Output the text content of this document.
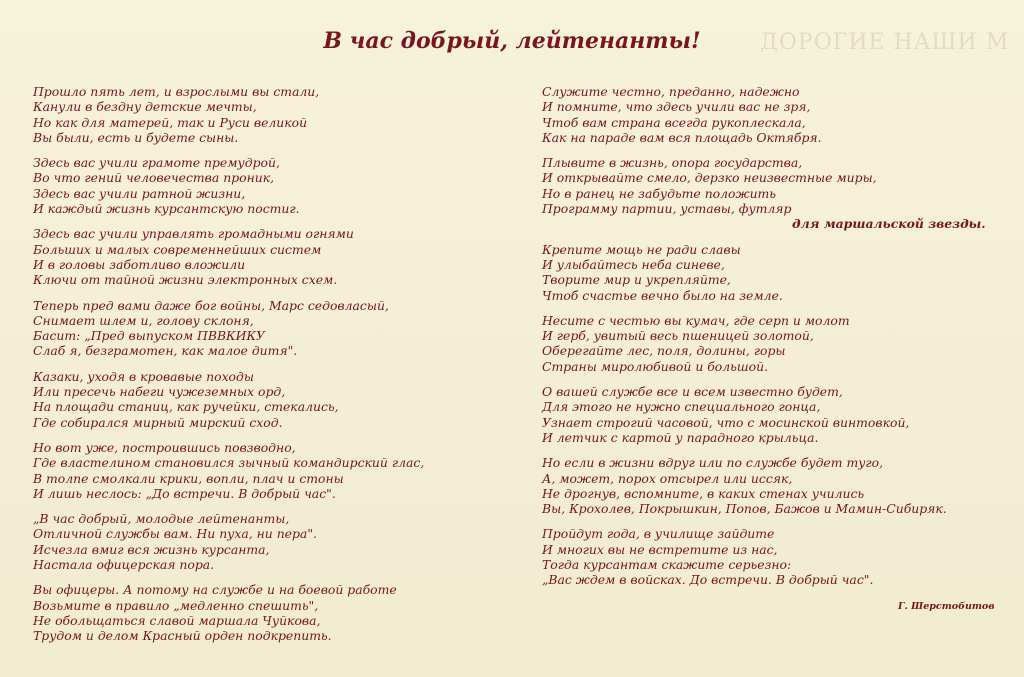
ДОРОГИЕ НАШИ М
В час добрый, лейтенанты!
Прошло пять лет, и взрослыми вы стали,
Канули в бездну детские мечты,
Но как для матерей, так и Руси великой
Вы были, есть и будете сыны.
Здесь вас учили грамоте премудрой,
Во что гений человечества проник,
Здесь вас учили ратной жизни,
И каждый жизнь курсантскую постиг.
Здесь вас учили управлять громадными огнями
Больших и малых современнейших систем
И в головы заботливо вложили
Ключи от тайной жизни электронных схем.
Теперь пред вами даже бог войны, Марс седовласый,
Снимает шлем и, голову склоня,
Басит: „Пред выпуском ПВВКИКУ
Слаб я, безграмотен, как малое дитя".
Казаки, уходя в кровавые походы
Или пресечь набеги чужеземных орд,
На площади станиц, как ручейки, стекались,
Где собирался мирный мирский сход.
Но вот уже, построившись повзводно,
Где властелином становился зычный командирский глас,
В толпе смолкали крики, вопли, плач и стоны
И лишь неслось: „До встречи. В добрый час".
„В час добрый, молодые лейтенанты,
Отличной службы вам. Ни пуха, ни пера".
Исчезла вмиг вся жизнь курсанта,
Настала офицерская пора.
Вы офицеры. А потому на службе и на боевой работе
Возьмите в правило „медленно спешить",
Не обольщаться славой маршала Чуйкова,
Трудом и делом Красный орден подкрепить.
Служите честно, преданно, надежно
И помните, что здесь учили вас не зря,
Чтоб вам страна всегда рукоплескала,
Как на параде вам вся площадь Октября.
Плывите в жизнь, опора государства,
И открывайте смело, дерзко неизвестные миры,
Но в ранец не забудьте положить
Программу партии, уставы, футляр
для маршальской звезды.
Крепите мощь не ради славы
И улыбайтесь неба синеве,
Творите мир и укрепляйте,
Чтоб счастье вечно было на земле.
Несите с честью вы кумач, где серп и молот
И герб, увитый весь пшеницей золотой,
Оберегайте лес, поля, долины, горы
Страны миролюбивой и большой.
О вашей службе все и всем известно будет,
Для этого не нужно специального гонца,
Узнает строгий часовой, что с мосинской винтовкой,
И летчик с картой у парадного крыльца.
Но если в жизни вдруг или по службе будет туго,
А, может, порох отсырел или иссяк,
Не дрогнув, вспомните, в каких стенах учились
Вы, Крохолев, Покрышкин, Попов, Бажов и Мамин-Сибиряк.
Пройдут года, в училище зайдите
И многих вы не встретите из нас,
Тогда курсантам скажите серьезно:
„Вас ждем в войсках. До встречи. В добрый час".
Г. Шерстобитов
